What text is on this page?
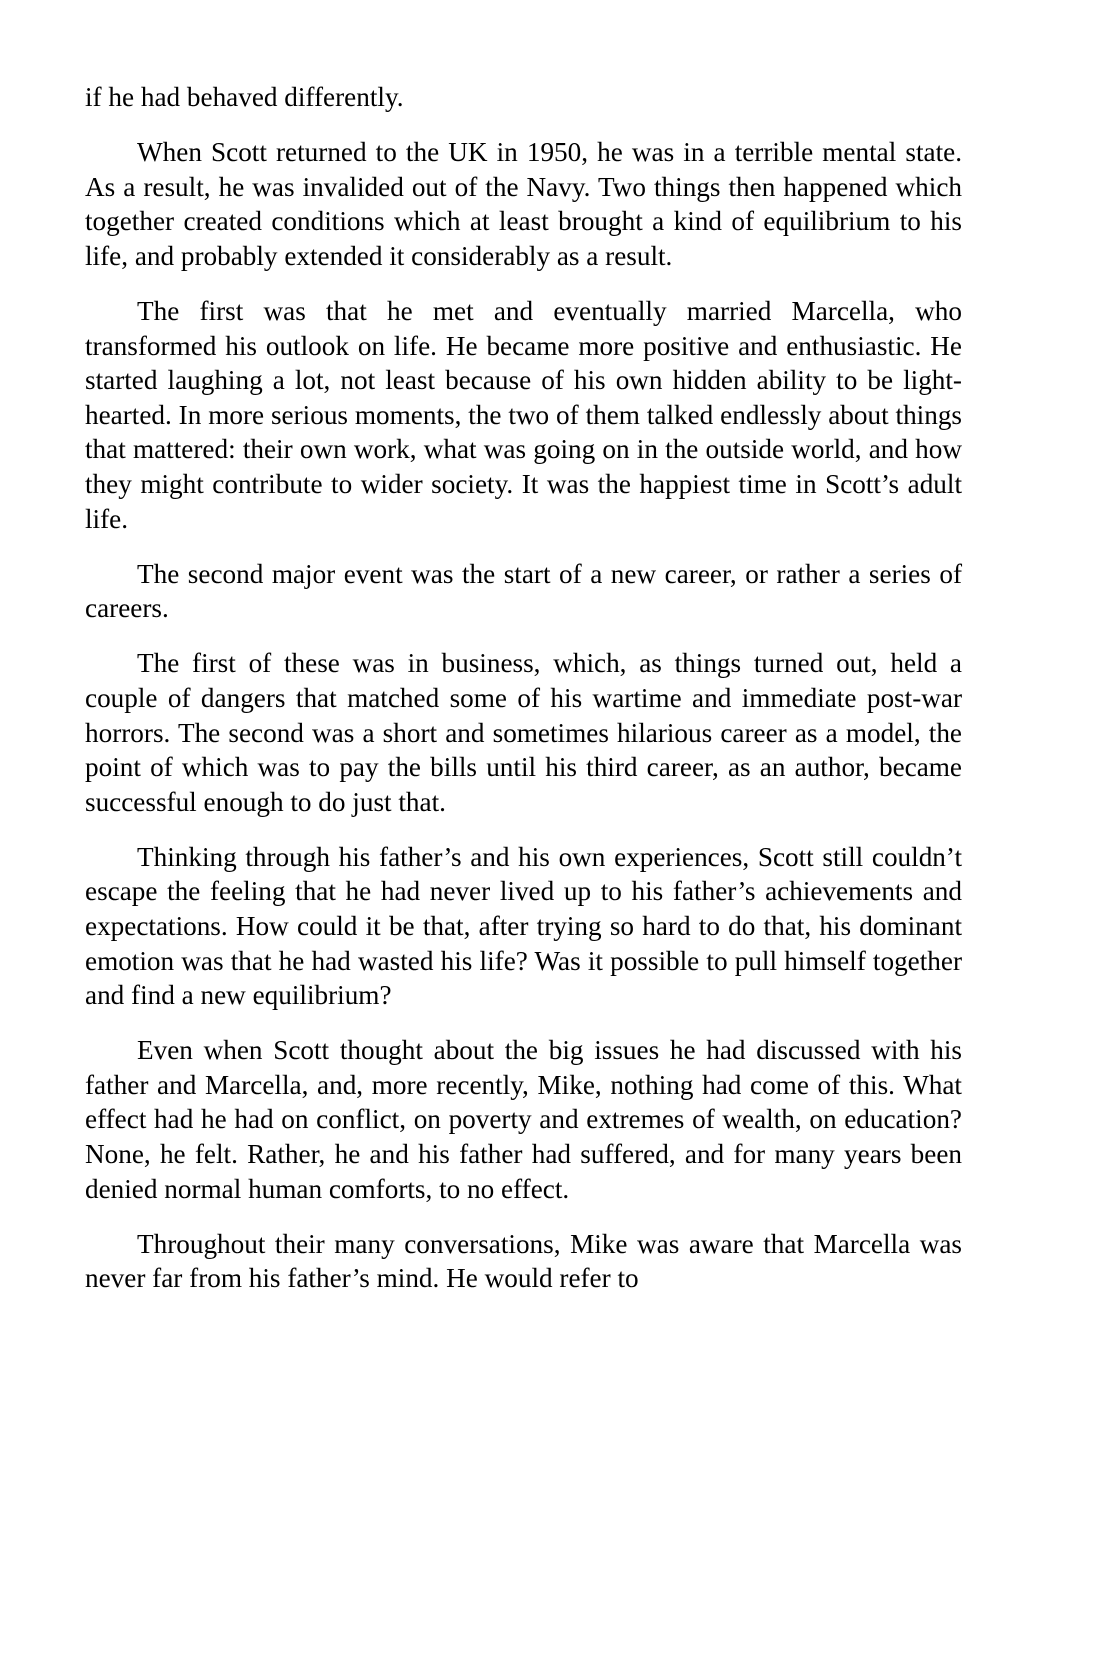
if he had behaved differently.

When Scott returned to the UK in 1950, he was in a terrible mental state. As a result, he was invalided out of the Navy. Two things then happened which together created conditions which at least brought a kind of equilibrium to his life, and probably extended it considerably as a result.

The first was that he met and eventually married Marcella, who transformed his outlook on life. He became more positive and enthusiastic. He started laughing a lot, not least because of his own hidden ability to be light-hearted. In more serious moments, the two of them talked endlessly about things that mattered: their own work, what was going on in the outside world, and how they might contribute to wider society. It was the happiest time in Scott’s adult life.

The second major event was the start of a new career, or rather a series of careers.

The first of these was in business, which, as things turned out, held a couple of dangers that matched some of his wartime and immediate post-war horrors. The second was a short and sometimes hilarious career as a model, the point of which was to pay the bills until his third career, as an author, became successful enough to do just that.

Thinking through his father’s and his own experiences, Scott still couldn’t escape the feeling that he had never lived up to his father’s achievements and expectations. How could it be that, after trying so hard to do that, his dominant emotion was that he had wasted his life? Was it possible to pull himself together and find a new equilibrium?

Even when Scott thought about the big issues he had discussed with his father and Marcella, and, more recently, Mike, nothing had come of this. What effect had he had on conflict, on poverty and extremes of wealth, on education? None, he felt. Rather, he and his father had suffered, and for many years been denied normal human comforts, to no effect.

Throughout their many conversations, Mike was aware that Marcella was never far from his father’s mind. He would refer to
